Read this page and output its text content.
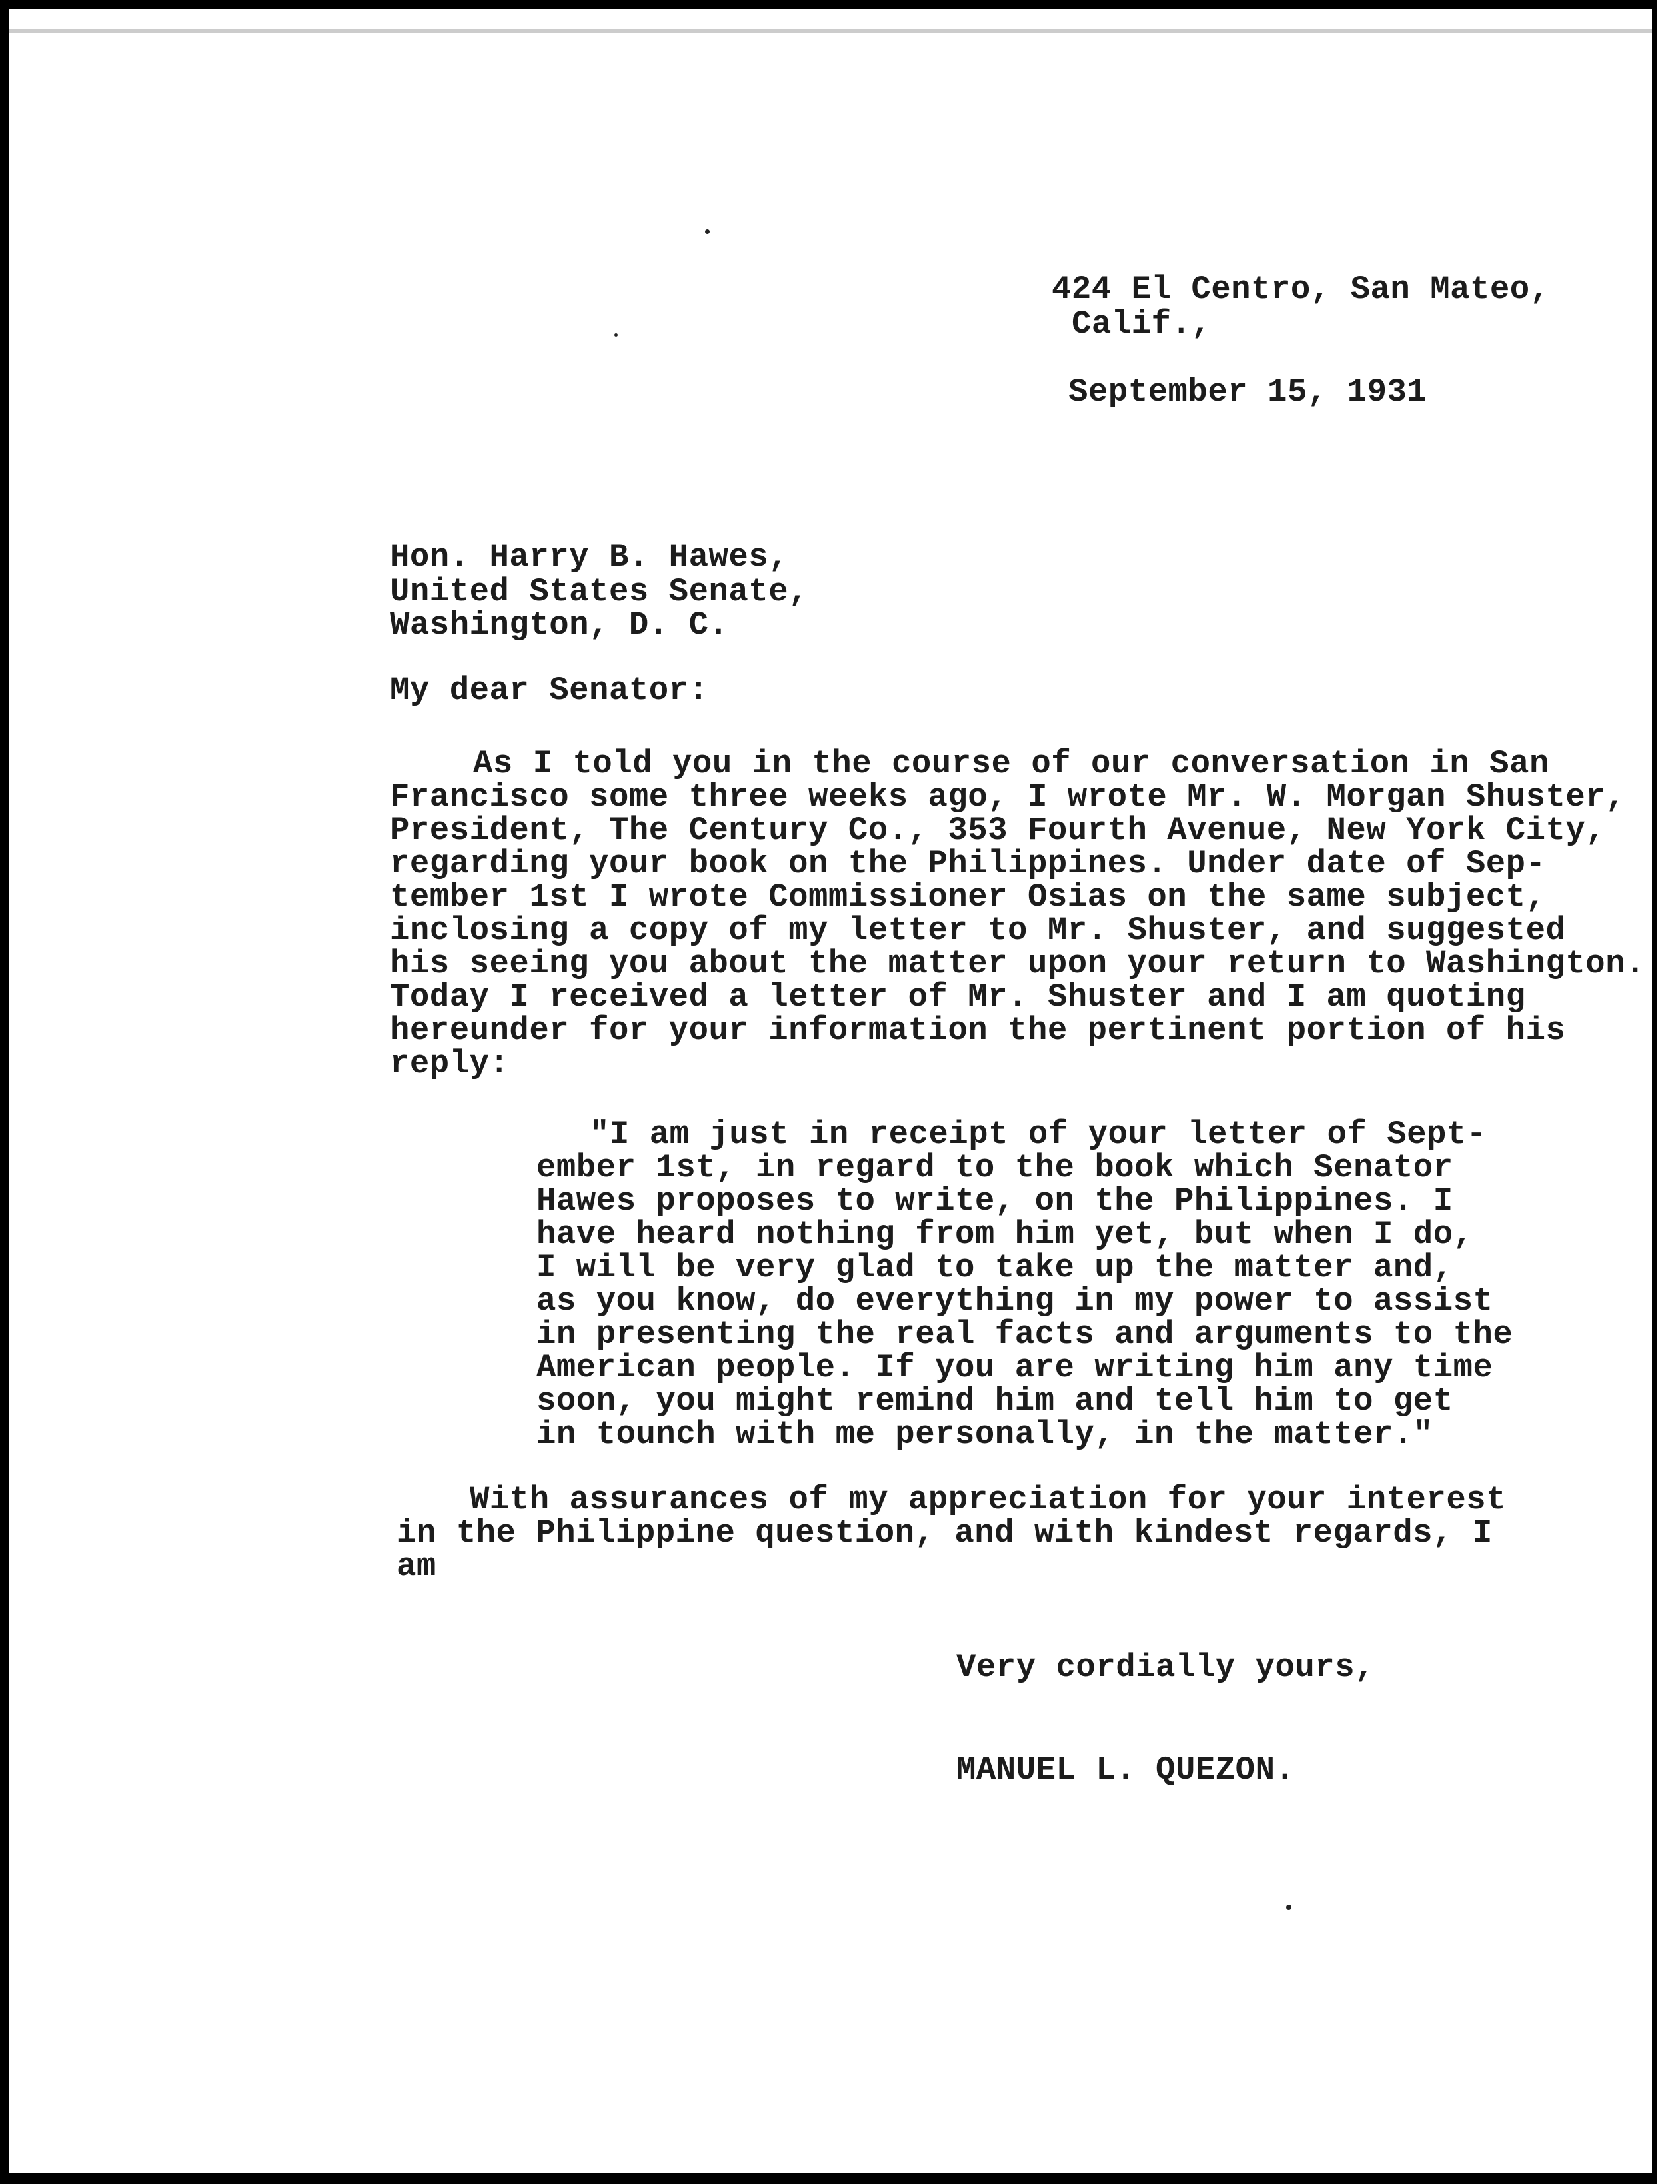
424 El Centro, San Mateo,
Calif.,
September 15, 1931
Hon. Harry B. Hawes,
United States Senate,
Washington, D. C.
My dear Senator:
As I told you in the course of our conversation in San
Francisco some three weeks ago, I wrote Mr. W. Morgan Shuster,
President, The Century Co., 353 Fourth Avenue, New York City,
regarding your book on the Philippines. Under date of Sep-
tember 1st I wrote Commissioner Osias on the same subject,
inclosing a copy of my letter to Mr. Shuster, and suggested
his seeing you about the matter upon your return to Washington.
Today I received a letter of Mr. Shuster and I am quoting
hereunder for your information the pertinent portion of his
reply:
"I am just in receipt of your letter of Sept-
ember 1st, in regard to the book which Senator
Hawes proposes to write, on the Philippines. I
have heard nothing from him yet, but when I do,
I will be very glad to take up the matter and,
as you know, do everything in my power to assist
in presenting the real facts and arguments to the
American people. If you are writing him any time
soon, you might remind him and tell him to get
in tounch with me personally, in the matter."
With assurances of my appreciation for your interest
in the Philippine question, and with kindest regards, I
am
Very cordially yours,
MANUEL L. QUEZON.
